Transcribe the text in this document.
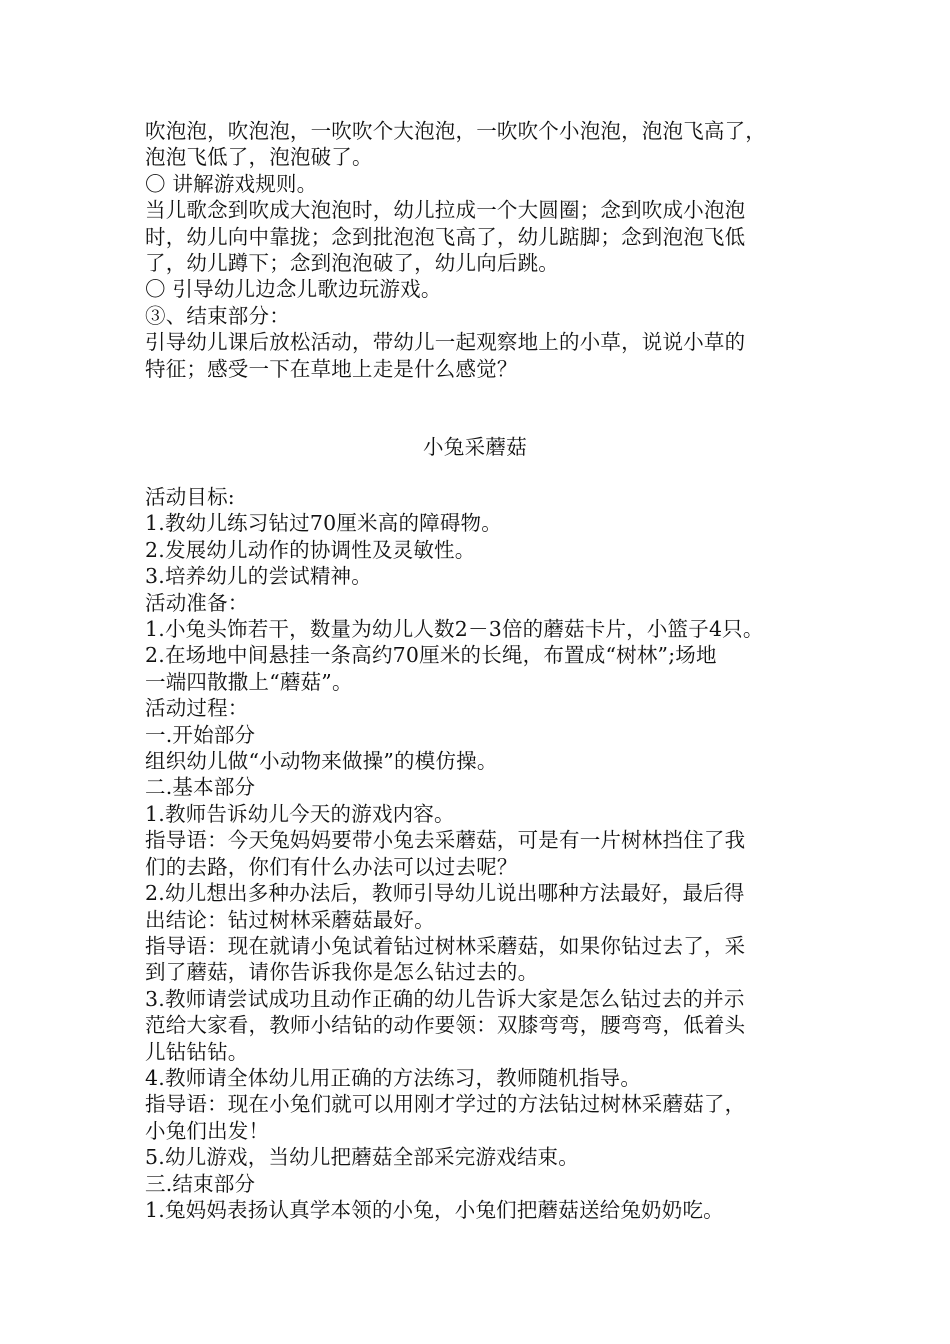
吹泡泡，吹泡泡，一吹吹个大泡泡，一吹吹个小泡泡，泡泡飞高了，
泡泡飞低了，泡泡破了。
〇 讲解游戏规则。
当儿歌念到吹成大泡泡时，幼儿拉成一个大圆圈；念到吹成小泡泡
时，幼儿向中靠拢；念到批泡泡飞高了，幼儿踮脚；念到泡泡飞低
了，幼儿蹲下；念到泡泡破了，幼儿向后跳。
〇 引导幼儿边念儿歌边玩游戏。
③、结束部分：
引导幼儿课后放松活动，带幼儿一起观察地上的小草，说说小草的
特征；感受一下在草地上走是什么感觉？
小兔采蘑菇
活动目标:
1.教幼儿练习钻过70厘米高的障碍物。
2.发展幼儿动作的协调性及灵敏性。
3.培养幼儿的尝试精神。
活动准备：
1.小兔头饰若干，数量为幼儿人数2－3倍的蘑菇卡片，小篮子4只。
2.在场地中间悬挂一条高约70厘米的长绳，布置成“树林”;场地
一端四散撒上“蘑菇”。
活动过程：
一.开始部分
组织幼儿做“小动物来做操”的模仿操。
二.基本部分
1.教师告诉幼儿今天的游戏内容。
指导语：今天兔妈妈要带小兔去采蘑菇，可是有一片树林挡住了我
们的去路，你们有什么办法可以过去呢？
2.幼儿想出多种办法后，教师引导幼儿说出哪种方法最好，最后得
出结论：钻过树林采蘑菇最好。
指导语：现在就请小兔试着钻过树林采蘑菇，如果你钻过去了，采
到了蘑菇，请你告诉我你是怎么钻过去的。
3.教师请尝试成功且动作正确的幼儿告诉大家是怎么钻过去的并示
范给大家看，教师小结钻的动作要领：双膝弯弯，腰弯弯，低着头
儿钻钻钻。
4.教师请全体幼儿用正确的方法练习，教师随机指导。
指导语：现在小兔们就可以用刚才学过的方法钻过树林采蘑菇了，
小兔们出发！
5.幼儿游戏，当幼儿把蘑菇全部采完游戏结束。
三.结束部分
1.兔妈妈表扬认真学本领的小兔，小兔们把蘑菇送给兔奶奶吃。
